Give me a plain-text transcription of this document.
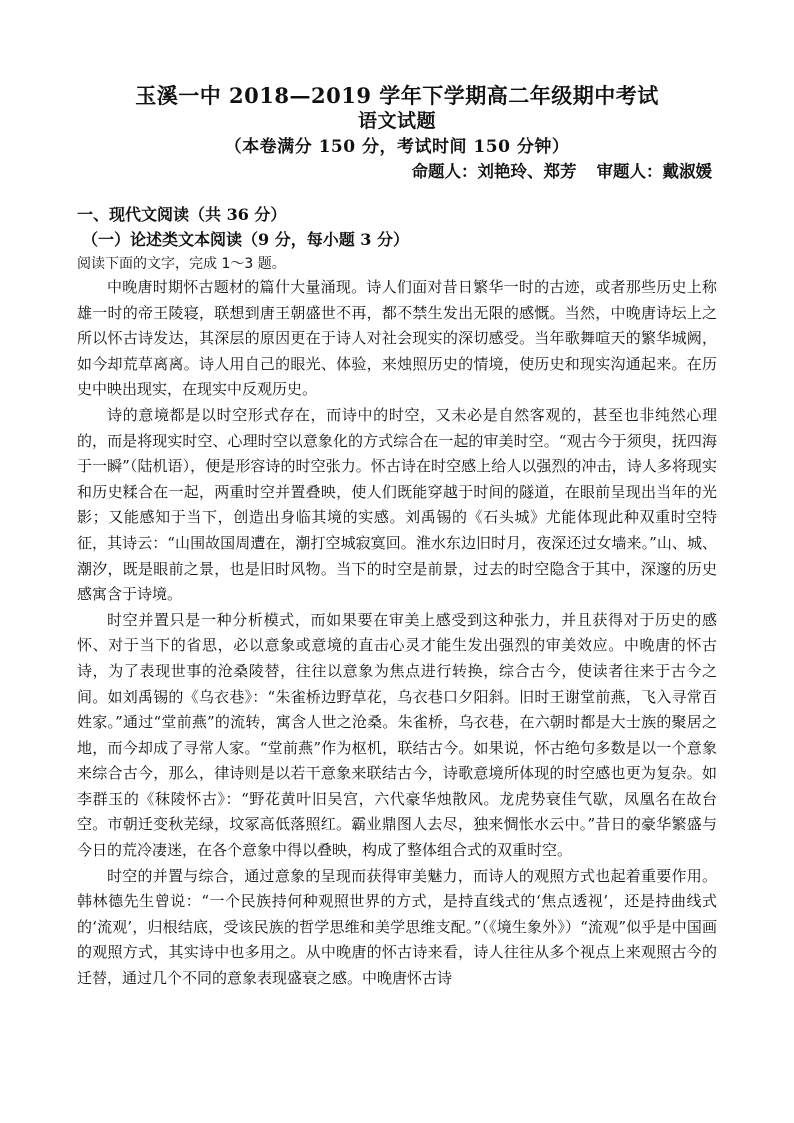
玉溪一中 2018—2019 学年下学期高二年级期中考试
语文试题
（本卷满分 150 分，考试时间 150 分钟）
命题人：刘艳玲、郑芳 审题人：戴淑媛
一、现代文阅读（共 36 分）
（一）论述类文本阅读（9 分，每小题 3 分）
阅读下面的文字，完成 1～3 题。

中晚唐时期怀古题材的篇什大量涌现。诗人们面对昔日繁华一时的古迹，或者那些历史上称雄一时的帝王陵寝，联想到唐王朝盛世不再，都不禁生发出无限的感慨。当然，中晚唐诗坛上之所以怀古诗发达，其深层的原因更在于诗人对社会现实的深切感受。当年歌舞喧天的繁华城阙，如今却荒草离离。诗人用自己的眼光、体验，来烛照历史的情境，使历史和现实沟通起来。在历史中映出现实，在现实中反观历史。

诗的意境都是以时空形式存在，而诗中的时空，又未必是自然客观的，甚至也非纯然心理的，而是将现实时空、心理时空以意象化的方式综合在一起的审美时空。“观古今于须臾，抚四海于一瞬”（陆机语），便是形容诗的时空张力。怀古诗在时空感上给人以强烈的冲击，诗人多将现实和历史糅合在一起，两重时空并置叠映，使人们既能穿越于时间的隧道，在眼前呈现出当年的光影；又能感知于当下，创造出身临其境的实感。刘禹锡的《石头城》尤能体现此种双重时空特征，其诗云：“山围故国周遭在，潮打空城寂寞回。淮水东边旧时月，夜深还过女墙来。”山、城、潮汐，既是眼前之景，也是旧时风物。当下的时空是前景，过去的时空隐含于其中，深邃的历史感寓含于诗境。

时空并置只是一种分析模式，而如果要在审美上感受到这种张力，并且获得对于历史的感怀、对于当下的省思，必以意象或意境的直击心灵才能生发出强烈的审美效应。中晚唐的怀古诗，为了表现世事的沧桑陵替，往往以意象为焦点进行转换，综合古今，使读者往来于古今之间。如刘禹锡的《乌衣巷》：“朱雀桥边野草花，乌衣巷口夕阳斜。旧时王谢堂前燕，飞入寻常百姓家。”通过“堂前燕”的流转，寓含人世之沧桑。朱雀桥，乌衣巷，在六朝时都是大士族的聚居之地，而今却成了寻常人家。“堂前燕”作为枢机，联结古今。如果说，怀古绝句多数是以一个意象来综合古今，那么，律诗则是以若干意象来联结古今，诗歌意境所体现的时空感也更为复杂。如李群玉的《秣陵怀古》：“野花黄叶旧吴宫，六代豪华烛散风。龙虎势衰佳气歇，凤凰名在故台空。市朝迁变秋芜绿，坟冢高低落照红。霸业鼎图人去尽，独来惆怅水云中。”昔日的豪华繁盛与今日的荒冷凄迷，在各个意象中得以叠映，构成了整体组合式的双重时空。

时空的并置与综合，通过意象的呈现而获得审美魅力，而诗人的观照方式也起着重要作用。韩林德先生曾说：“一个民族持何种观照世界的方式，是持直线式的‘焦点透视’，还是持曲线式的‘流观’，归根结底，受该民族的哲学思维和美学思维支配。”（《境生象外》）“流观”似乎是中国画的观照方式，其实诗中也多用之。从中晚唐的怀古诗来看，诗人往往从多个视点上来观照古今的迁替，通过几个不同的意象表现盛衰之感。中晚唐怀古诗
